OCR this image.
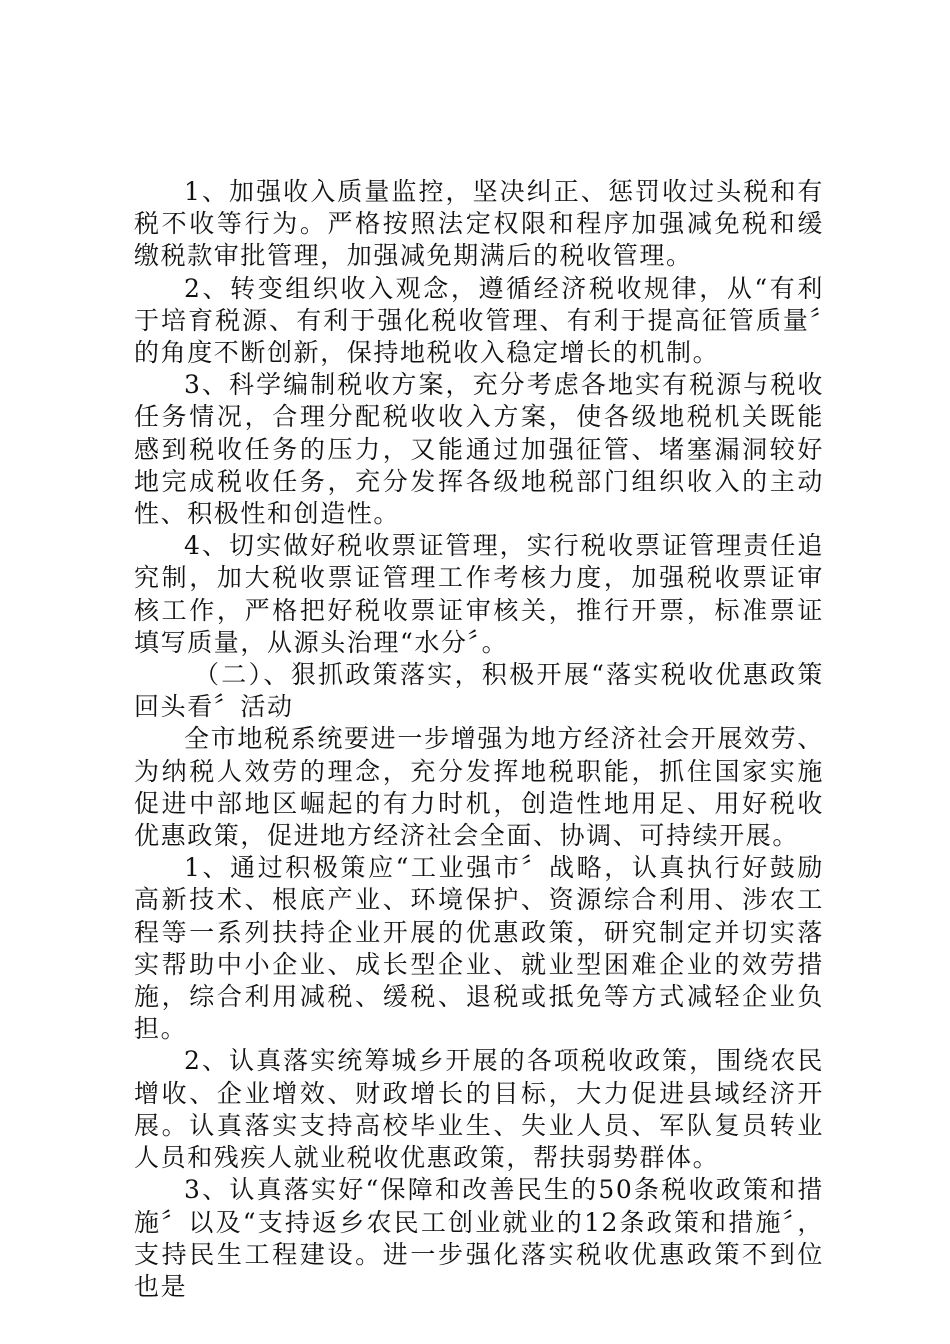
1、加强收入质量监控，坚决纠正、惩罚收过头税和有税不收等行为。严格按照法定权限和程序加强减免税和缓缴税款审批管理，加强减免期满后的税收管理。

2、转变组织收入观念，遵循经济税收规律，从“有利于培育税源、有利于强化税收管理、有利于提高征管质量〞的角度不断创新，保持地税收入稳定增长的机制。

3、科学编制税收方案，充分考虑各地实有税源与税收任务情况，合理分配税收收入方案，使各级地税机关既能感到税收任务的压力，又能通过加强征管、堵塞漏洞较好地完成税收任务，充分发挥各级地税部门组织收入的主动性、积极性和创造性。

4、切实做好税收票证管理，实行税收票证管理责任追究制，加大税收票证管理工作考核力度，加强税收票证审核工作，严格把好税收票证审核关，推行开票，标准票证填写质量，从源头治理“水分〞。

（二）、狠抓政策落实，积极开展“落实税收优惠政策回头看〞活动

全市地税系统要进一步增强为地方经济社会开展效劳、为纳税人效劳的理念，充分发挥地税职能，抓住国家实施促进中部地区崛起的有力时机，创造性地用足、用好税收优惠政策，促进地方经济社会全面、协调、可持续开展。

1、通过积极策应“工业强市〞战略，认真执行好鼓励高新技术、根底产业、环境保护、资源综合利用、涉农工程等一系列扶持企业开展的优惠政策，研究制定并切实落实帮助中小企业、成长型企业、就业型困难企业的效劳措施，综合利用减税、缓税、退税或抵免等方式减轻企业负担。

2、认真落实统筹城乡开展的各项税收政策，围绕农民增收、企业增效、财政增长的目标，大力促进县域经济开展。认真落实支持高校毕业生、失业人员、军队复员转业人员和残疾人就业税收优惠政策，帮扶弱势群体。

3、认真落实好“保障和改善民生的50条税收政策和措施〞以及“支持返乡农民工创业就业的12条政策和措施〞，支持民生工程建设。进一步强化落实税收优惠政策不到位也是
